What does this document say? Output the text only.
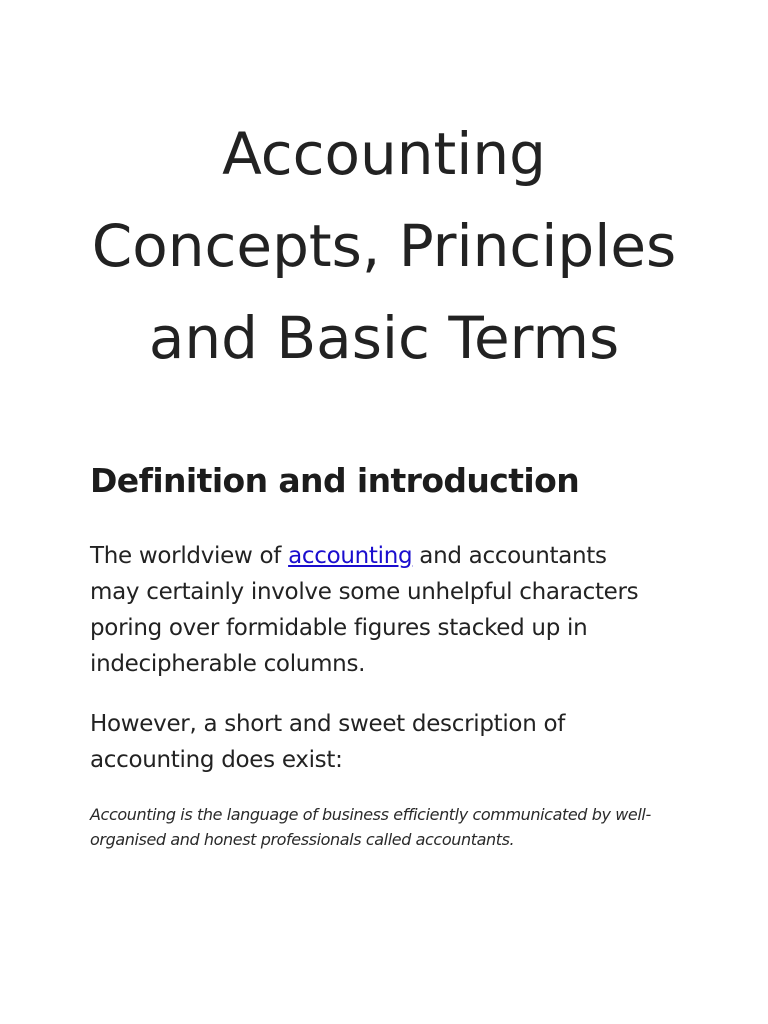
Accounting
Concepts, Principles
and Basic Terms
Definition and introduction

The worldview of accounting and accountants
may certainly involve some unhelpful characters
poring over formidable figures stacked up in
indecipherable columns.

However, a short and sweet description of
accounting does exist:

Accounting is the language of business efficiently communicated by well-
organised and honest professionals called accountants.
